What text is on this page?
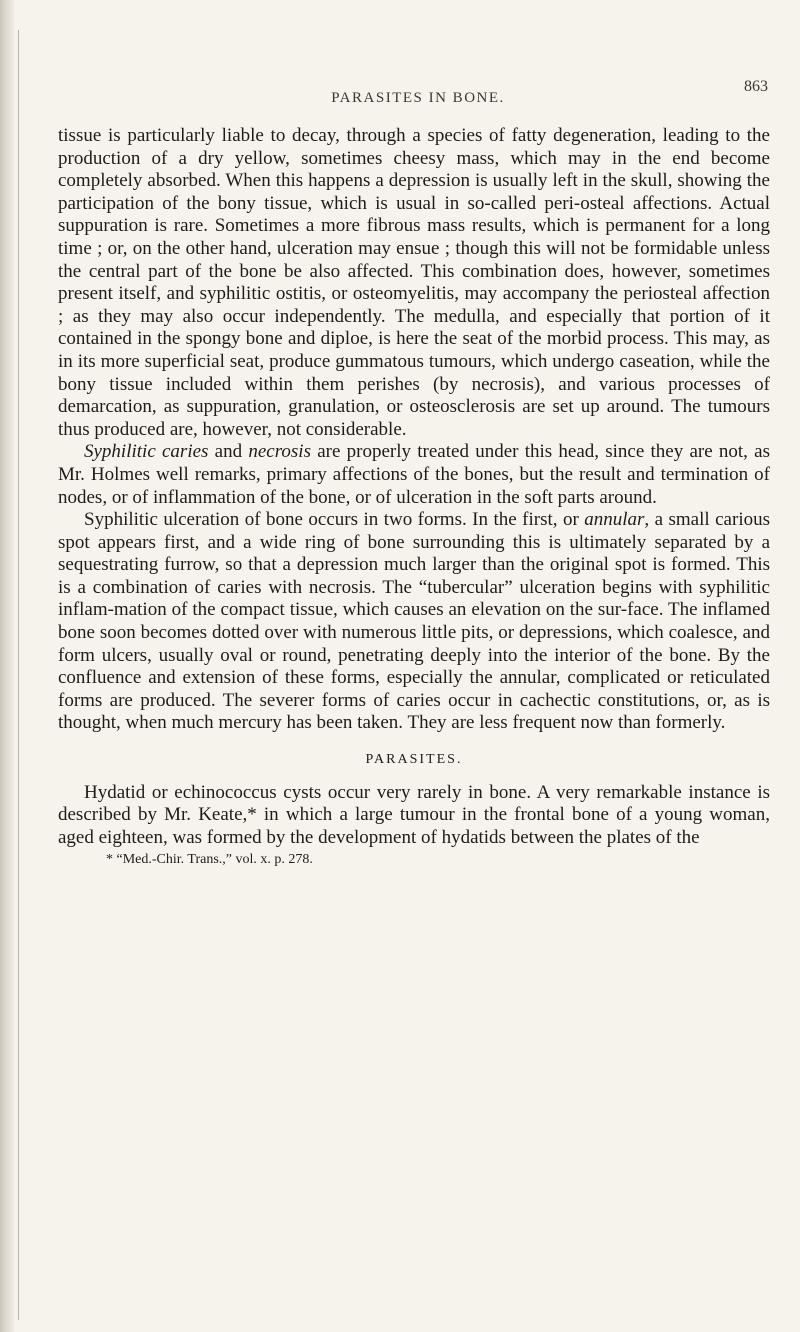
PARASITES IN BONE.
863

tissue is particularly liable to decay, through a species of fatty degeneration, leading to the production of a dry yellow, sometimes cheesy mass, which may in the end become completely absorbed. When this happens a depression is usually left in the skull, showing the participation of the bony tissue, which is usual in so-called peri-osteal affections. Actual suppuration is rare. Sometimes a more fibrous mass results, which is permanent for a long time ; or, on the other hand, ulceration may ensue ; though this will not be formidable unless the central part of the bone be also affected. This combination does, however, sometimes present itself, and syphilitic ostitis, or osteomyelitis, may accompany the periosteal affection ; as they may also occur independently. The medulla, and especially that portion of it contained in the spongy bone and diploe, is here the seat of the morbid process. This may, as in its more superficial seat, produce gummatous tumours, which undergo caseation, while the bony tissue included within them perishes (by necrosis), and various processes of demarcation, as suppuration, granulation, or osteosclerosis are set up around. The tumours thus produced are, however, not considerable.

Syphilitic caries and necrosis are properly treated under this head, since they are not, as Mr. Holmes well remarks, primary affections of the bones, but the result and termination of nodes, or of inflammation of the bone, or of ulceration in the soft parts around.

Syphilitic ulceration of bone occurs in two forms. In the first, or annular, a small carious spot appears first, and a wide ring of bone surrounding this is ultimately separated by a sequestrating furrow, so that a depression much larger than the original spot is formed. This is a combination of caries with necrosis. The “tubercular” ulceration begins with syphilitic inflam-mation of the compact tissue, which causes an elevation on the sur-face. The inflamed bone soon becomes dotted over with numerous little pits, or depressions, which coalesce, and form ulcers, usually oval or round, penetrating deeply into the interior of the bone. By the confluence and extension of these forms, especially the annular, complicated or reticulated forms are produced. The severer forms of caries occur in cachectic constitutions, or, as is thought, when much mercury has been taken. They are less frequent now than formerly.

PARASITES.

Hydatid or echinococcus cysts occur very rarely in bone. A very remarkable instance is described by Mr. Keate,* in which a large tumour in the frontal bone of a young woman, aged eighteen, was formed by the development of hydatids between the plates of the

* “Med.-Chir. Trans.,” vol. x. p. 278.
